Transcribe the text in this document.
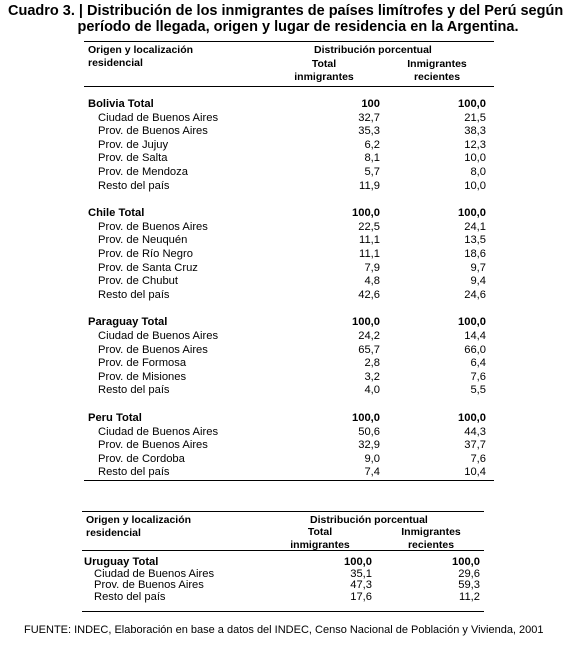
Cuadro 3. | Distribución de los inmigrantes de países limítrofes y del Perú según
período de llegada, origen y lugar de residencia en la Argentina.
Origen y localización
residencial
Distribución porcentual
Total
inmigrantes
Inmigrantes
recientes
Bolivia Total	100	100,0
Ciudad de Buenos Aires	32,7	21,5
Prov. de Buenos Aires	35,3	38,3
Prov. de Jujuy	6,2	12,3
Prov. de Salta	8,1	10,0
Prov. de Mendoza	5,7	8,0
Resto del país	11,9	10,0
Chile Total	100,0	100,0
Prov. de Buenos Aires	22,5	24,1
Prov. de Neuquén	11,1	13,5
Prov. de Río Negro	11,1	18,6
Prov. de Santa Cruz	7,9	9,7
Prov. de Chubut	4,8	9,4
Resto del país	42,6	24,6
Paraguay Total	100,0	100,0
Ciudad de Buenos Aires	24,2	14,4
Prov. de Buenos Aires	65,7	66,0
Prov. de Formosa	2,8	6,4
Prov. de Misiones	3,2	7,6
Resto del país	4,0	5,5
Peru Total	100,0	100,0
Ciudad de Buenos Aires	50,6	44,3
Prov. de Buenos Aires	32,9	37,7
Prov. de Cordoba	9,0	7,6
Resto del país	7,4	10,4
Origen y localización
residencial
Distribución porcentual
Total
inmigrantes
Inmigrantes
recientes
Uruguay Total	100,0	100,0
Ciudad de Buenos Aires	35,1	29,6
Prov. de Buenos Aires	47,3	59,3
Resto del país	17,6	11,2
FUENTE: INDEC, Elaboración en base a datos del INDEC, Censo Nacional de Población y Vivienda, 2001
